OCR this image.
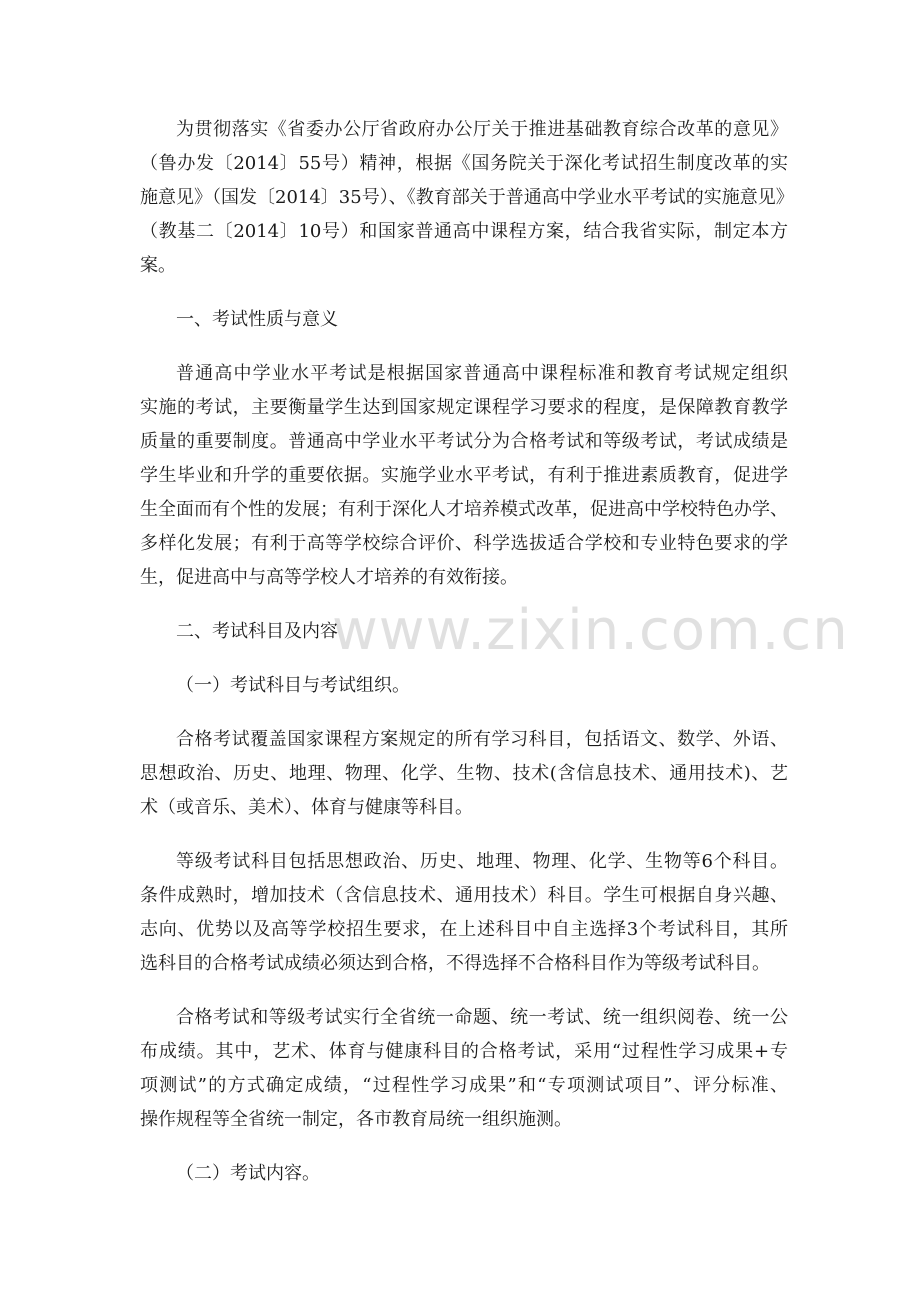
为贯彻落实《省委办公厅省政府办公厅关于推进基础教育综合改革的意见》
（鲁办发〔2014〕55号）精神，根据《国务院关于深化考试招生制度改革的实
施意见》（国发〔2014〕35号）、《教育部关于普通高中学业水平考试的实施意见》
（教基二〔2014〕10号）和国家普通高中课程方案，结合我省实际，制定本方
案。
一、考试性质与意义
普通高中学业水平考试是根据国家普通高中课程标准和教育考试规定组织
实施的考试，主要衡量学生达到国家规定课程学习要求的程度，是保障教育教学
质量的重要制度。普通高中学业水平考试分为合格考试和等级考试，考试成绩是
学生毕业和升学的重要依据。实施学业水平考试，有利于推进素质教育，促进学
生全面而有个性的发展；有利于深化人才培养模式改革，促进高中学校特色办学、
多样化发展；有利于高等学校综合评价、科学选拔适合学校和专业特色要求的学
生，促进高中与高等学校人才培养的有效衔接。
二、考试科目及内容
（一）考试科目与考试组织。
合格考试覆盖国家课程方案规定的所有学习科目，包括语文、数学、外语、
思想政治、历史、地理、物理、化学、生物、技术(含信息技术、通用技术)、艺
术（或音乐、美术）、体育与健康等科目。
等级考试科目包括思想政治、历史、地理、物理、化学、生物等6个科目。
条件成熟时，增加技术（含信息技术、通用技术）科目。学生可根据自身兴趣、
志向、优势以及高等学校招生要求，在上述科目中自主选择3个考试科目，其所
选科目的合格考试成绩必须达到合格，不得选择不合格科目作为等级考试科目。
合格考试和等级考试实行全省统一命题、统一考试、统一组织阅卷、统一公
布成绩。其中，艺术、体育与健康科目的合格考试，采用“过程性学习成果+专
项测试”的方式确定成绩，“过程性学习成果”和“专项测试项目”、评分标准、
操作规程等全省统一制定，各市教育局统一组织施测。
（二）考试内容。
www.zixin.com.cn
